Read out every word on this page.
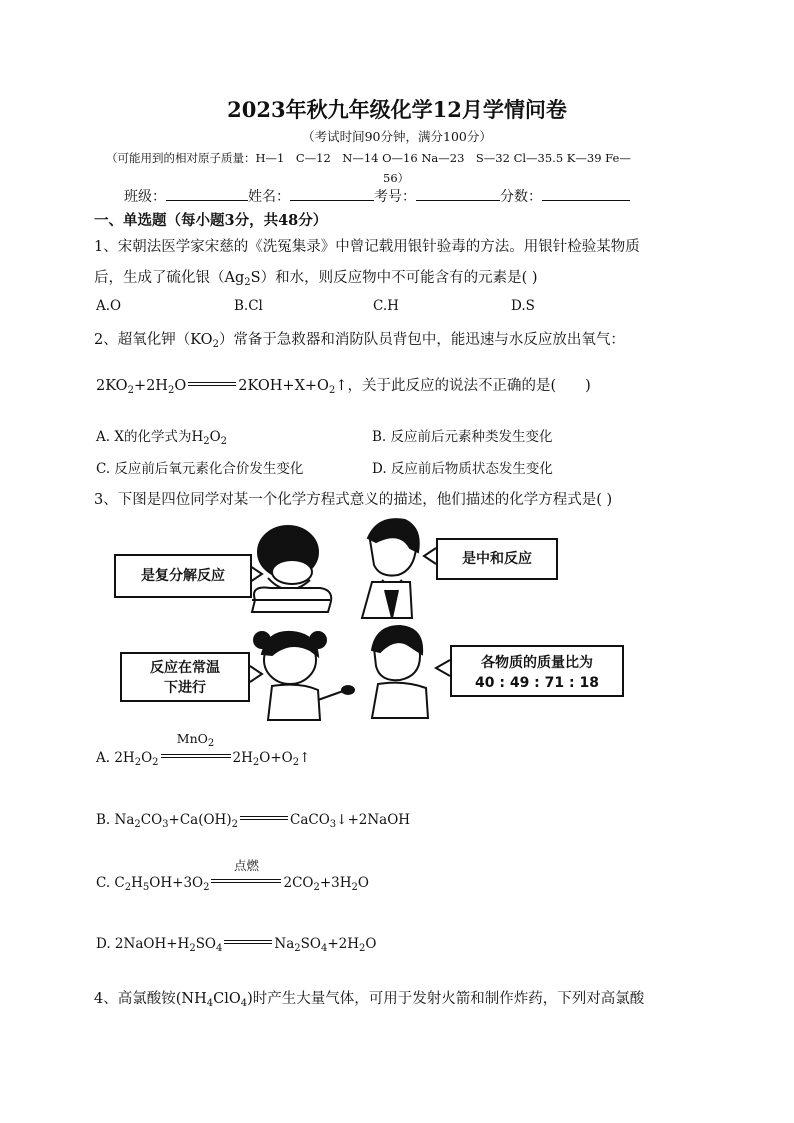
2023年秋九年级化学12月学情问卷
（考试时间90分钟，满分100分）
（可能用到的相对原子质量：H—1　C—12　N—14 O—16 Na—23　S—32 Cl—35.5 K—39 Fe—
56）
班级：	姓名：	考号：	分数：
一、单选题（每小题3分，共48分）
1、宋朝法医学家宋慈的《洗冤集录》中曾记载用银针验毒的方法。用银针检验某物质
后，生成了硫化银$(Ag_2S)$和水，则反应物中不可能含有的元素是( )
A.O	B.Cl	C.H	D.S
2、超氧化钾$(KO_2)$常备于急救器和消防队员背包中，能迅速与水反应放出氧气：
$2KO_2+2H_2O$	$2KOH+X+O_2↑$，关于此反应的说法不正确的是(　　)
A. X的化学式为$H_2O_2$	B. 反应前后元素种类发生变化
C. 反应前后氧元素化合价发生变化	D. 反应前后物质状态发生变化
3、下图是四位同学对某一个化学方程式意义的描述，他们描述的化学方程式是( )
是复分解反应
是中和反应
反应在常温
下进行
各物质的质量比为
40 : 49 : 71 : 18
A. $2H_2O_2$
MnO$_2$
$2H_2O+O_2↑$
B. $Na_2CO_3+Ca(OH)_2$	CaCO$_3$↓+2NaOH
C. $C_2H_5OH+3O_2$
点燃
$2CO_2+3H_2O$
D. $2NaOH+H_2SO_4$	$Na_2SO_4+2H_2O$
4、高氯酸铵$(NH_4ClO_4)$时产生大量气体，可用于发射火箭和制作炸药，下列对高氯酸
